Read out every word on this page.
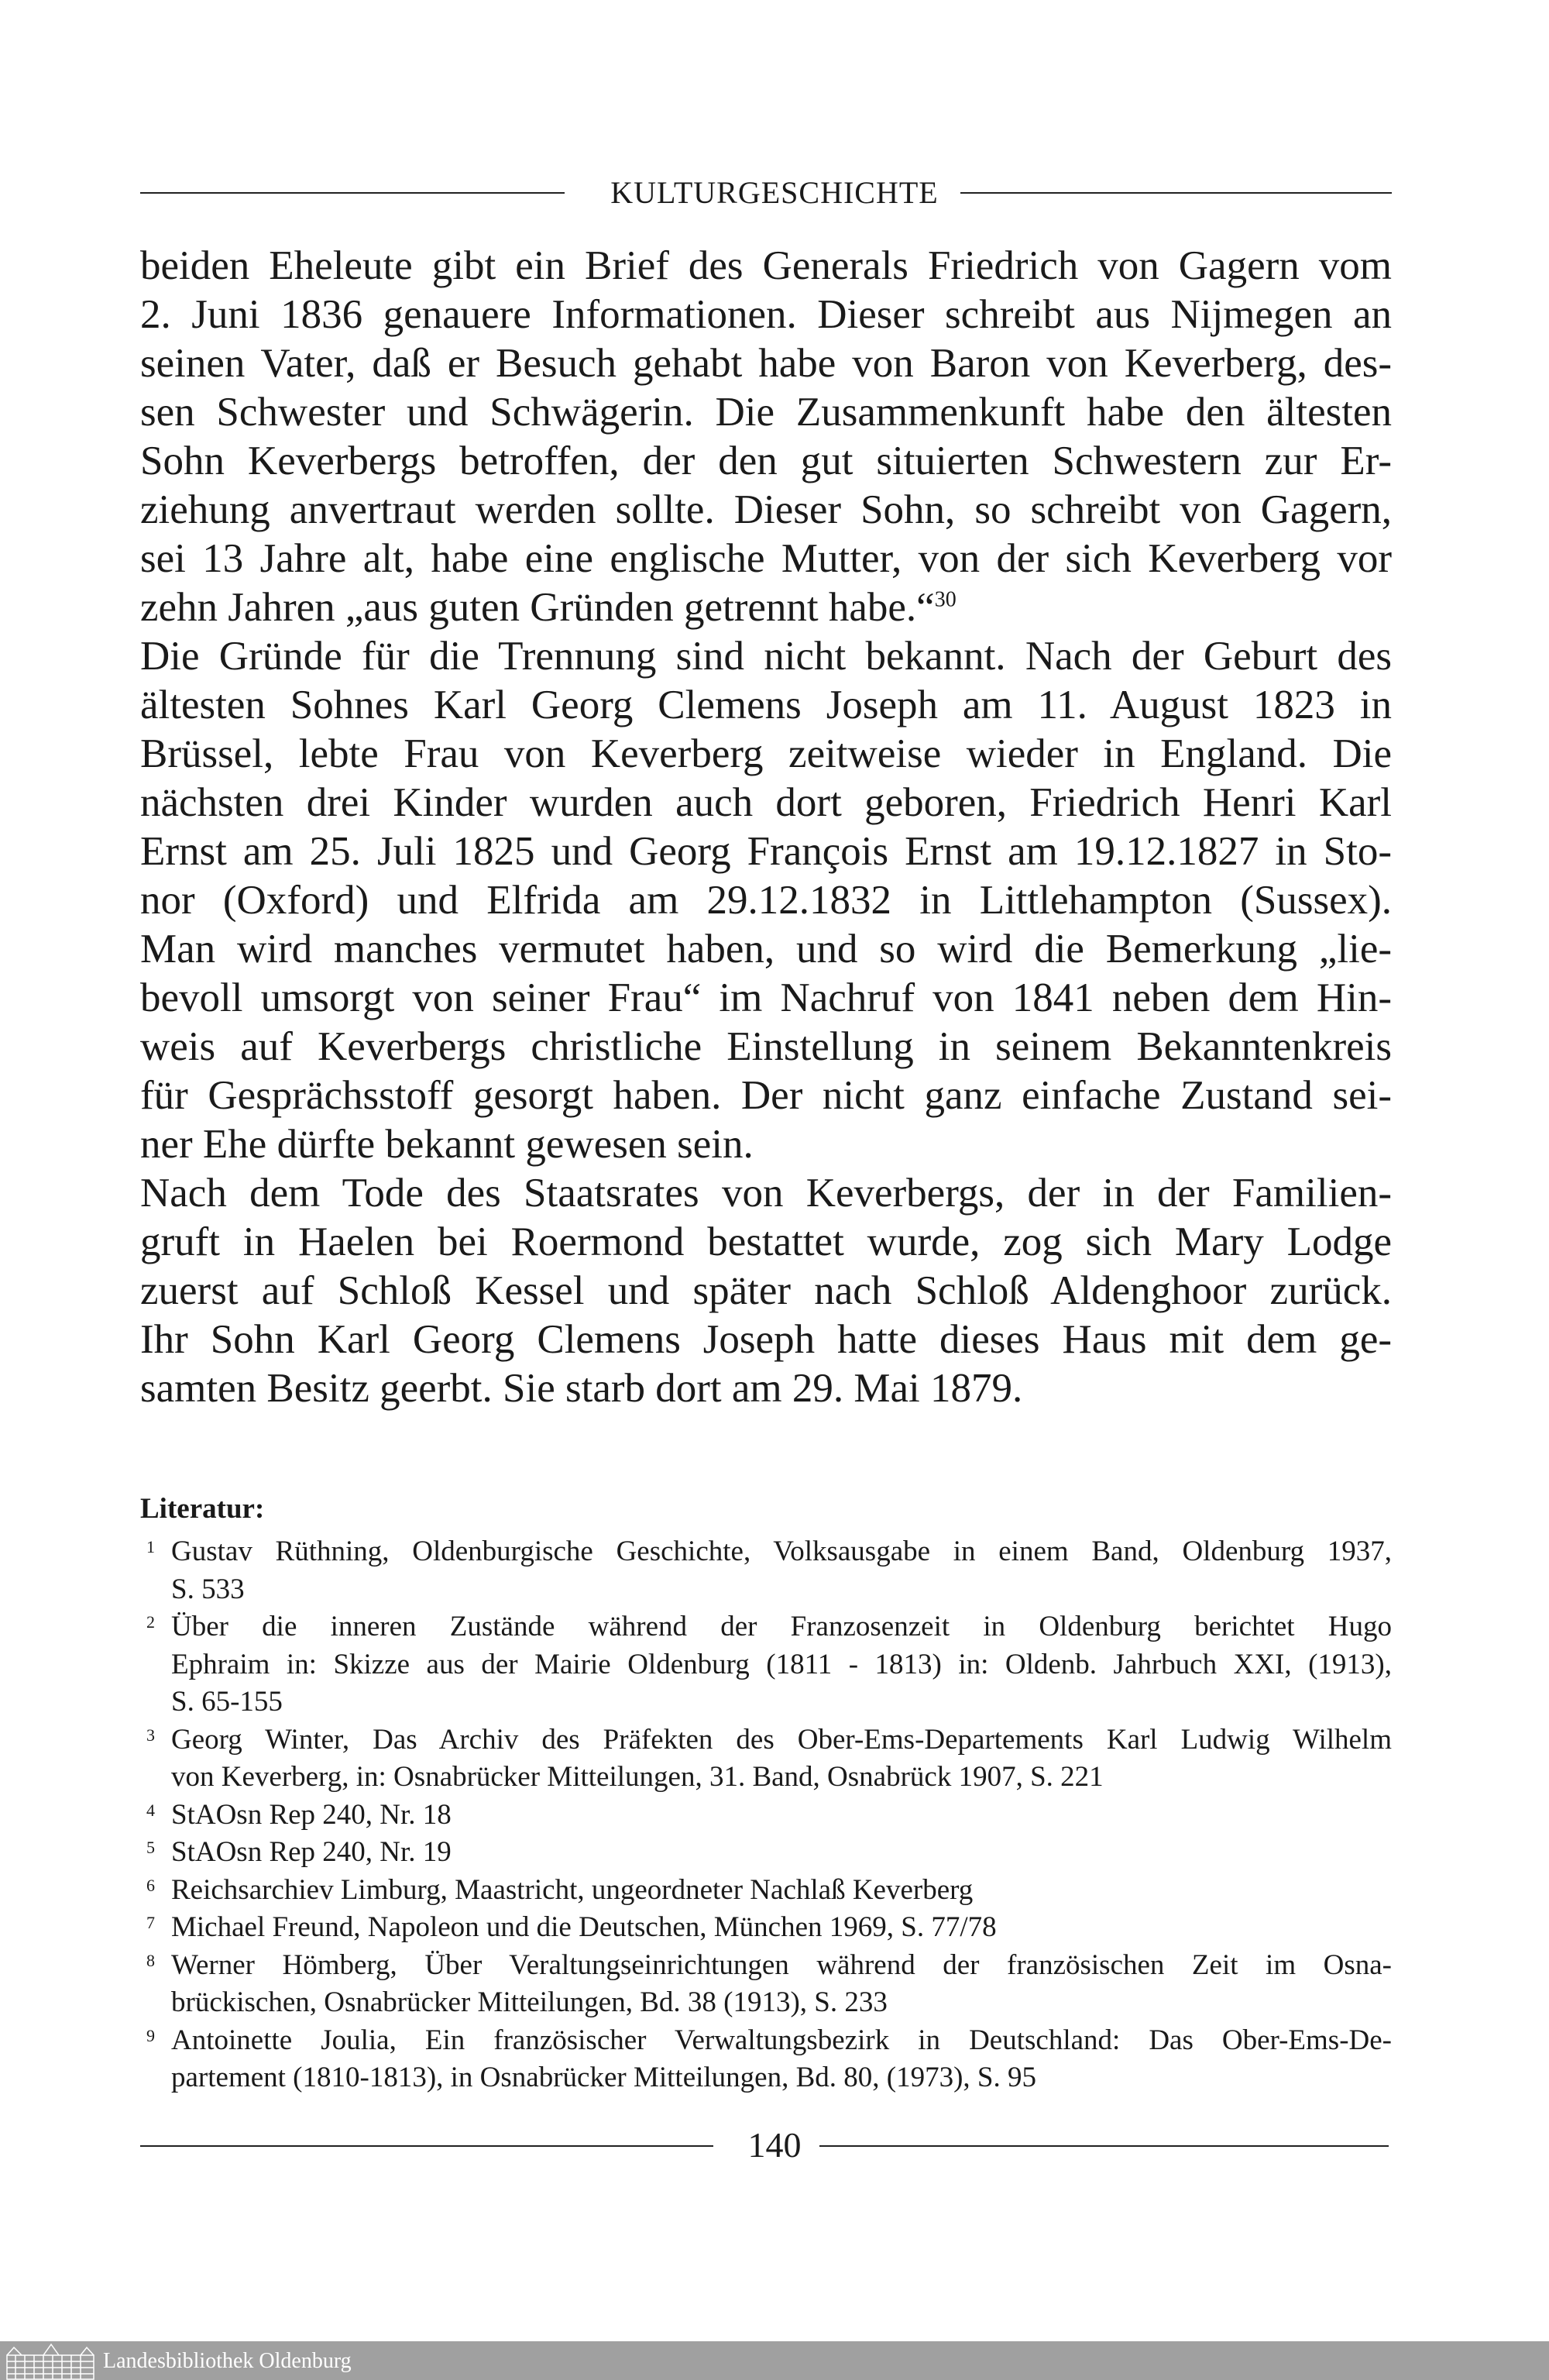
KULTURGESCHICHTE
beiden Eheleute gibt ein Brief des Generals Friedrich von Gagern vom
2. Juni 1836 genauere Informationen. Dieser schreibt aus Nijmegen an
seinen Vater, daß er Besuch gehabt habe von Baron von Keverberg, des-
sen Schwester und Schwägerin. Die Zusammenkunft habe den ältesten
Sohn Keverbergs betroffen, der den gut situierten Schwestern zur Er-
ziehung anvertraut werden sollte. Dieser Sohn, so schreibt von Gagern,
sei 13 Jahre alt, habe eine englische Mutter, von der sich Keverberg vor
zehn Jahren „aus guten Gründen getrennt habe.“$^{30}$
Die Gründe für die Trennung sind nicht bekannt. Nach der Geburt des
ältesten Sohnes Karl Georg Clemens Joseph am 11. August 1823 in
Brüssel, lebte Frau von Keverberg zeitweise wieder in England. Die
nächsten drei Kinder wurden auch dort geboren, Friedrich Henri Karl
Ernst am 25. Juli 1825 und Georg François Ernst am 19.12.1827 in Sto-
nor (Oxford) und Elfrida am 29.12.1832 in Littlehampton (Sussex).
Man wird manches vermutet haben, und so wird die Bemerkung „lie-
bevoll umsorgt von seiner Frau“ im Nachruf von 1841 neben dem Hin-
weis auf Keverbergs christliche Einstellung in seinem Bekanntenkreis
für Gesprächsstoff gesorgt haben. Der nicht ganz einfache Zustand sei-
ner Ehe dürfte bekannt gewesen sein.
Nach dem Tode des Staatsrates von Keverbergs, der in der Familien-
gruft in Haelen bei Roermond bestattet wurde, zog sich Mary Lodge
zuerst auf Schloß Kessel und später nach Schloß Aldenghoor zurück.
Ihr Sohn Karl Georg Clemens Joseph hatte dieses Haus mit dem ge-
samten Besitz geerbt. Sie starb dort am 29. Mai 1879.
Literatur:
1 Gustav Rüthning, Oldenburgische Geschichte, Volksausgabe in einem Band, Oldenburg 1937,
S. 533
2 Über die inneren Zustände während der Franzosenzeit in Oldenburg berichtet Hugo
Ephraim in: Skizze aus der Mairie Oldenburg (1811 - 1813) in: Oldenb. Jahrbuch XXI, (1913),
S. 65-155
3 Georg Winter, Das Archiv des Präfekten des Ober-Ems-Departements Karl Ludwig Wilhelm
von Keverberg, in: Osnabrücker Mitteilungen, 31. Band, Osnabrück 1907, S. 221
4 StAOsn Rep 240, Nr. 18
5 StAOsn Rep 240, Nr. 19
6 Reichsarchiev Limburg, Maastricht, ungeordneter Nachlaß Keverberg
7 Michael Freund, Napoleon und die Deutschen, München 1969, S. 77/78
8 Werner Hömberg, Über Veraltungseinrichtungen während der französischen Zeit im Osna-
brückischen, Osnabrücker Mitteilungen, Bd. 38 (1913), S. 233
9 Antoinette Joulia, Ein französischer Verwaltungsbezirk in Deutschland: Das Ober-Ems-De-
partement (1810-1813), in Osnabrücker Mitteilungen, Bd. 80, (1973), S. 95
140
Landesbibliothek Oldenburg
